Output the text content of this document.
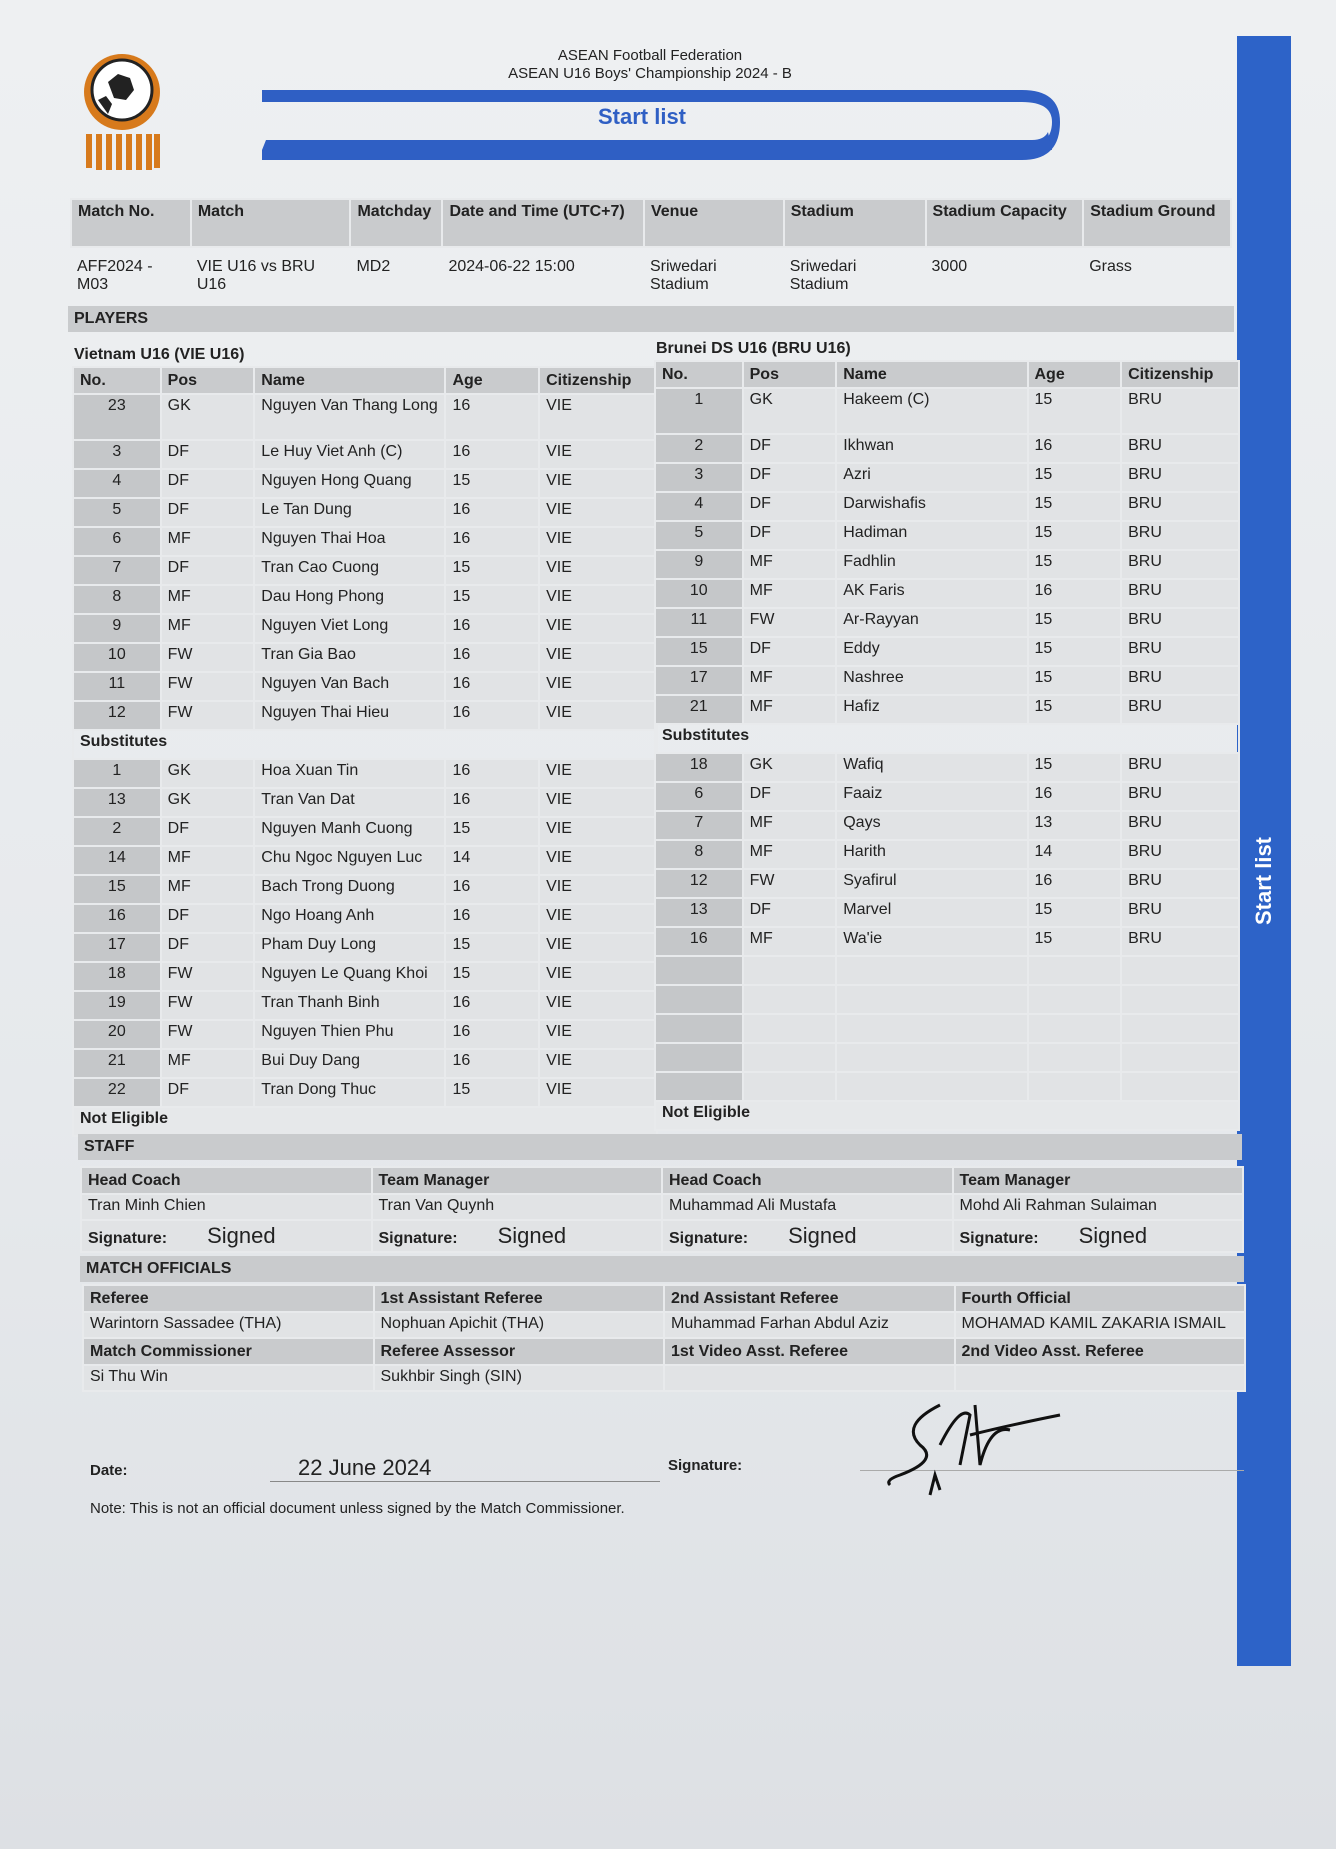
ASEAN Football Federation
ASEAN U16 Boys' Championship 2024 - B
Start list
Start list
Match No.	Match	Matchday	Date and Time (UTC+7)	Venue	Stadium	Stadium Capacity	Stadium Ground
AFF2024 - M03	VIE U16 vs BRU U16	MD2	2024-06-22 15:00	Sriwedari Stadium	Sriwedari Stadium	3000	Grass
PLAYERS
Vietnam U16 (VIE U16)	Brunei DS U16 (BRU U16)
No.	Pos	Name	Age	Citizenship
23	GK	Nguyen Van Thang Long	16	VIE
3	DF	Le Huy Viet Anh (C)	16	VIE
4	DF	Nguyen Hong Quang	15	VIE
5	DF	Le Tan Dung	16	VIE
6	MF	Nguyen Thai Hoa	16	VIE
7	DF	Tran Cao Cuong	15	VIE
8	MF	Dau Hong Phong	15	VIE
9	MF	Nguyen Viet Long	16	VIE
10	FW	Tran Gia Bao	16	VIE
11	FW	Nguyen Van Bach	16	VIE
12	FW	Nguyen Thai Hieu	16	VIE
Substitutes				
1	GK	Hoa Xuan Tin	16	VIE
13	GK	Tran Van Dat	16	VIE
2	DF	Nguyen Manh Cuong	15	VIE
14	MF	Chu Ngoc Nguyen Luc	14	VIE
15	MF	Bach Trong Duong	16	VIE
16	DF	Ngo Hoang Anh	16	VIE
17	DF	Pham Duy Long	15	VIE
18	FW	Nguyen Le Quang Khoi	15	VIE
19	FW	Tran Thanh Binh	16	VIE
20	FW	Nguyen Thien Phu	16	VIE
21	MF	Bui Duy Dang	16	VIE
22	DF	Tran Dong Thuc	15	VIE
Not Eligible				
No.	Pos	Name	Age	Citizenship
1	GK	Hakeem (C)	15	BRU
2	DF	Ikhwan	16	BRU
3	DF	Azri	15	BRU
4	DF	Darwishafis	15	BRU
5	DF	Hadiman	15	BRU
9	MF	Fadhlin	15	BRU
10	MF	AK Faris	16	BRU
11	FW	Ar-Rayyan	15	BRU
15	DF	Eddy	15	BRU
17	MF	Nashree	15	BRU
21	MF	Hafiz	15	BRU
Substitutes				
18	GK	Wafiq	15	BRU
6	DF	Faaiz	16	BRU
7	MF	Qays	13	BRU
8	MF	Harith	14	BRU
12	FW	Syafirul	16	BRU
13	DF	Marvel	15	BRU
16	MF	Wa'ie	15	BRU

Not Eligible				
STAFF
Head Coach	Team Manager	Head Coach	Team Manager
Tran Minh Chien	Tran Van Quynh	Muhammad Ali Mustafa	Mohd Ali Rahman Sulaiman
Signature: Signed	Signature: Signed	Signature: Signed	Signature: Signed
MATCH OFFICIALS
Referee	1st Assistant Referee	2nd Assistant Referee	Fourth Official
Warintorn Sassadee (THA)	Nophuan Apichit (THA)	Muhammad Farhan Abdul Aziz	MOHAMAD KAMIL ZAKARIA ISMAIL
Match Commissioner	Referee Assessor	1st Video Asst. Referee	2nd Video Asst. Referee
Si Thu Win	Sukhbir Singh (SIN)		
Date:	22 June 2024	Signature:
Note: This is not an official document unless signed by the Match Commissioner.
